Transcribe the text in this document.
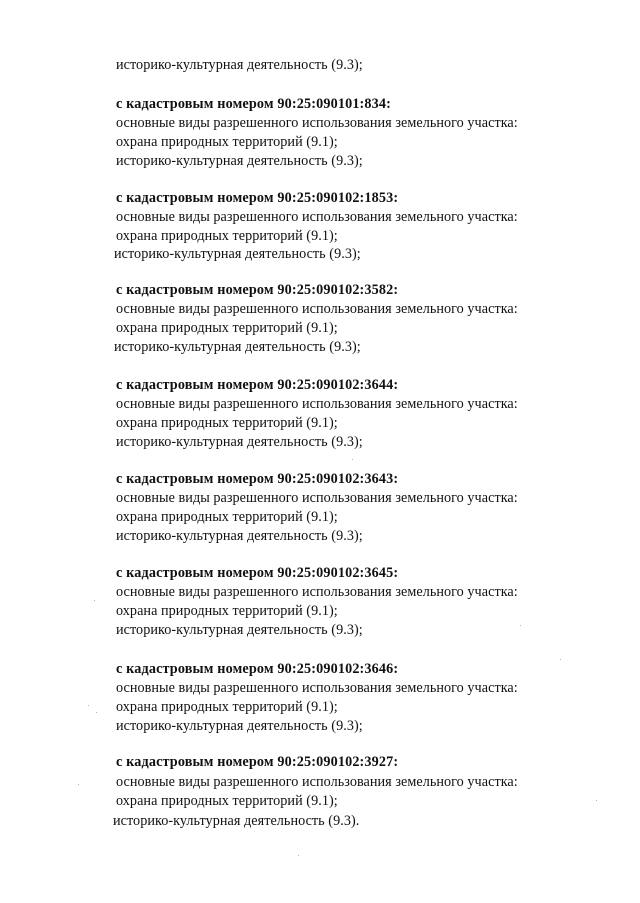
историко-культурная деятельность (9.3);
с кадастровым номером 90:25:090101:834:
основные виды разрешенного использования земельного участка:
охрана природных территорий (9.1);
историко-культурная деятельность (9.3);
с кадастровым номером 90:25:090102:1853:
основные виды разрешенного использования земельного участка:
охрана природных территорий (9.1);
историко-культурная деятельность (9.3);
с кадастровым номером 90:25:090102:3582:
основные виды разрешенного использования земельного участка:
охрана природных территорий (9.1);
историко-культурная деятельность (9.3);
с кадастровым номером 90:25:090102:3644:
основные виды разрешенного использования земельного участка:
охрана природных территорий (9.1);
историко-культурная деятельность (9.3);
с кадастровым номером 90:25:090102:3643:
основные виды разрешенного использования земельного участка:
охрана природных территорий (9.1);
историко-культурная деятельность (9.3);
с кадастровым номером 90:25:090102:3645:
основные виды разрешенного использования земельного участка:
охрана природных территорий (9.1);
историко-культурная деятельность (9.3);
с кадастровым номером 90:25:090102:3646:
основные виды разрешенного использования земельного участка:
охрана природных территорий (9.1);
историко-культурная деятельность (9.3);
с кадастровым номером 90:25:090102:3927:
основные виды разрешенного использования земельного участка:
охрана природных территорий (9.1);
историко-культурная деятельность (9.3).
